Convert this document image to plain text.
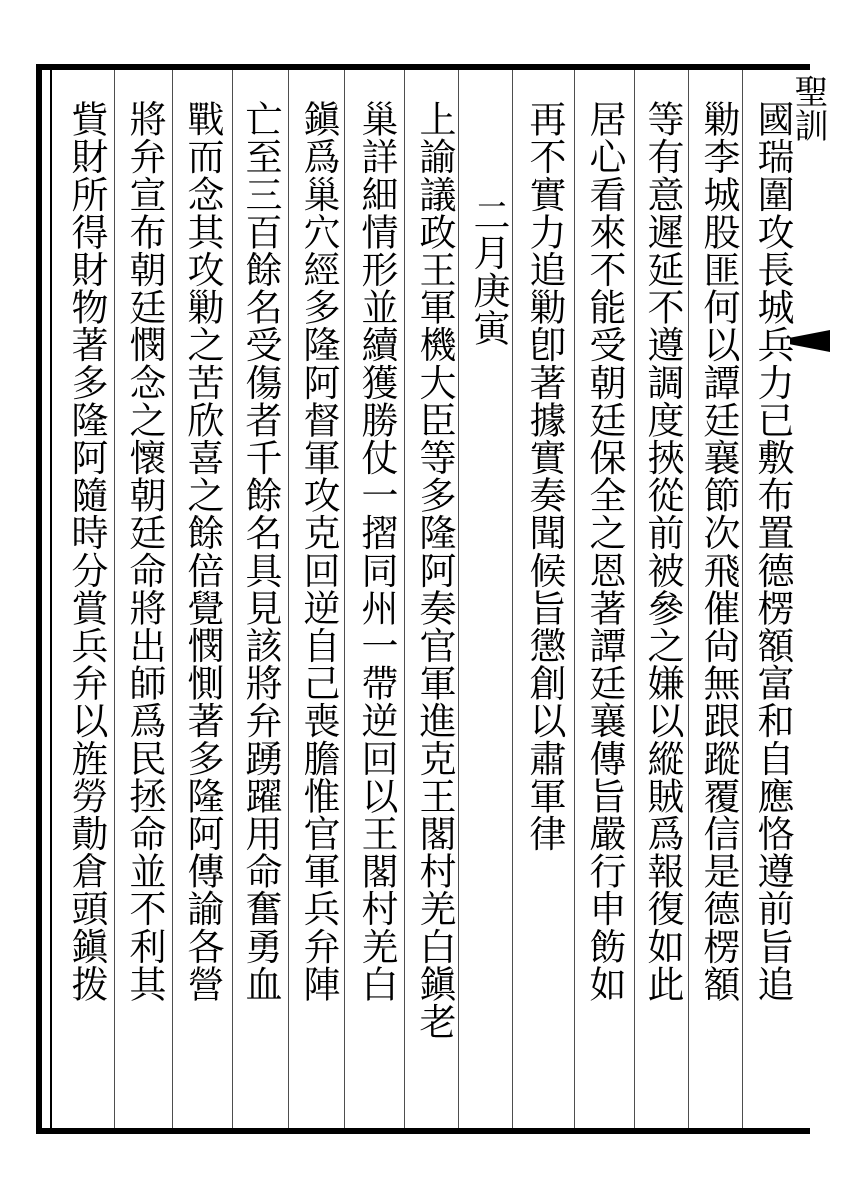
聖訓
國瑞圍攻長城兵力已敷布置德楞額富和自應恪遵前旨追
勦李城股匪何以譚廷襄節次飛催尙無跟蹤覆信是德楞額
等有意遲延不遵調度挾從前被參之嫌以縱賊爲報復如此
居心看來不能受朝廷保全之恩著譚廷襄傳旨嚴行申飭如
再不實力追勦卽著據實奏聞候旨懲創以肅軍律
二月庚寅
上諭議政王軍機大臣等多隆阿奏官軍進克王閣村羌白鎭老
巢詳細情形並續獲勝仗一摺同州一帶逆回以王閣村羌白
鎭爲巢穴經多隆阿督軍攻克回逆自己喪膽惟官軍兵弁陣
亡至三百餘名受傷者千餘名具見該將弁踴躍用命奮勇血
戰而念其攻勦之苦欣喜之餘倍覺憫惻著多隆阿傳諭各營
將弁宣布朝廷憫念之懷朝廷命將出師爲民拯命並不利其
貲財所得財物著多隆阿隨時分賞兵弁以旌勞勣倉頭鎭拨
